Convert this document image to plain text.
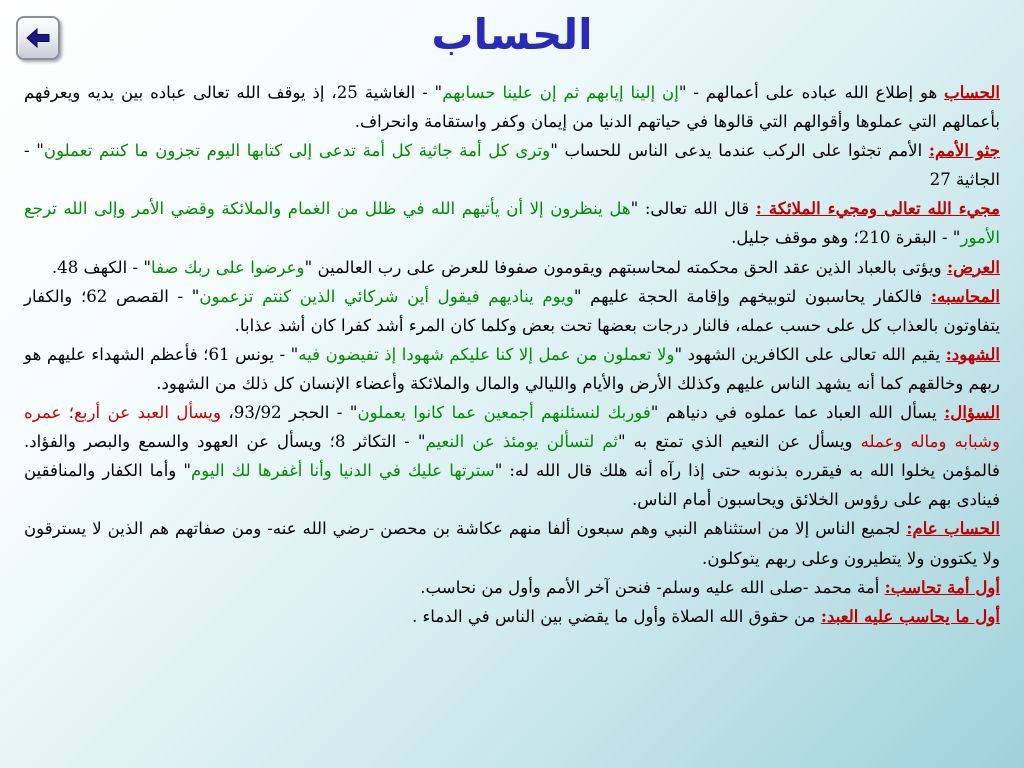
الحساب

الحساب هو إطلاع الله عباده على أعمالهم - "إن إلينا إيابهم ثم إن علينا حسابهم" - الغاشية 25، إذ يوقف الله تعالى عباده بين يديه ويعرفهم بأعمالهم التي عملوها وأقوالهم التي قالوها في حياتهم الدنيا من إيمان وكفر واستقامة وانحراف.

جثو الأمم: الأمم تجثوا على الركب عندما يدعى الناس للحساب "وترى كل أمة جاثية كل أمة تدعى إلى كتابها اليوم تجزون ما كنتم تعملون" - الجاثية 27

مجيء الله تعالى ومجيء الملائكة : قال الله تعالى: "هل ينظرون إلا أن يأتيهم الله في ظلل من الغمام والملائكة وقضي الأمر وإلى الله ترجع الأمور" - البقرة 210؛ وهو موقف جليل.

العرض: ويؤتى بالعباد الذين عقد الحق محكمته لمحاسبتهم ويقومون صفوفا للعرض على رب العالمين "وعرضوا على ربك صفا" - الكهف 48.

المحاسبه: فالكفار يحاسبون لتوبيخهم وإقامة الحجة عليهم "ويوم يناديهم فيقول أين شركائي الذين كنتم تزعمون" - القصص 62؛ والكفار يتفاوتون بالعذاب كل على حسب عمله، فالنار درجات بعضها تحت بعض وكلما كان المرء أشد كفرا كان أشد عذابا.

الشهود: يقيم الله تعالى على الكافرين الشهود "ولا تعملون من عمل إلا كنا عليكم شهودا إذ تفيضون فيه" - يونس 61؛ فأعظم الشهداء عليهم هو ربهم وخالقهم كما أنه يشهد الناس عليهم وكذلك الأرض والأيام والليالي والمال والملائكة وأعضاء الإنسان كل ذلك من الشهود.

السؤال: يسأل الله العباد عما عملوه في دنياهم "فوربك لنسئلنهم أجمعين عما كانوا يعملون" - الحجر 93/92، ويسأل العبد عن أربع؛ عمره وشبابه وماله وعمله ويسأل عن النعيم الذي تمتع به "ثم لتسألن يومئذ عن النعيم" - التكاثر 8؛ ويسأل عن العهود والسمع والبصر والفؤاد. فالمؤمن يخلوا الله به فيقرره بذنوبه حتى إذا رآه أنه هلك قال الله له: "سترتها عليك في الدنيا وأنا أغفرها لك اليوم" وأما الكفار والمنافقين فينادى بهم على رؤوس الخلائق ويحاسبون أمام الناس.

الحساب عام: لجميع الناس إلا من استثناهم النبي وهم سبعون ألفا منهم عكاشة بن محصن -رضي الله عنه- ومن صفاتهم هم الذين لا يسترقون ولا يكتوون ولا يتطيرون وعلى ربهم يتوكلون.

أول أمة تحاسب: أمة محمد -صلى الله عليه وسلم- فنحن آخر الأمم وأول من نحاسب.

أول ما يحاسب عليه العبد: من حقوق الله الصلاة وأول ما يقضي بين الناس في الدماء .
